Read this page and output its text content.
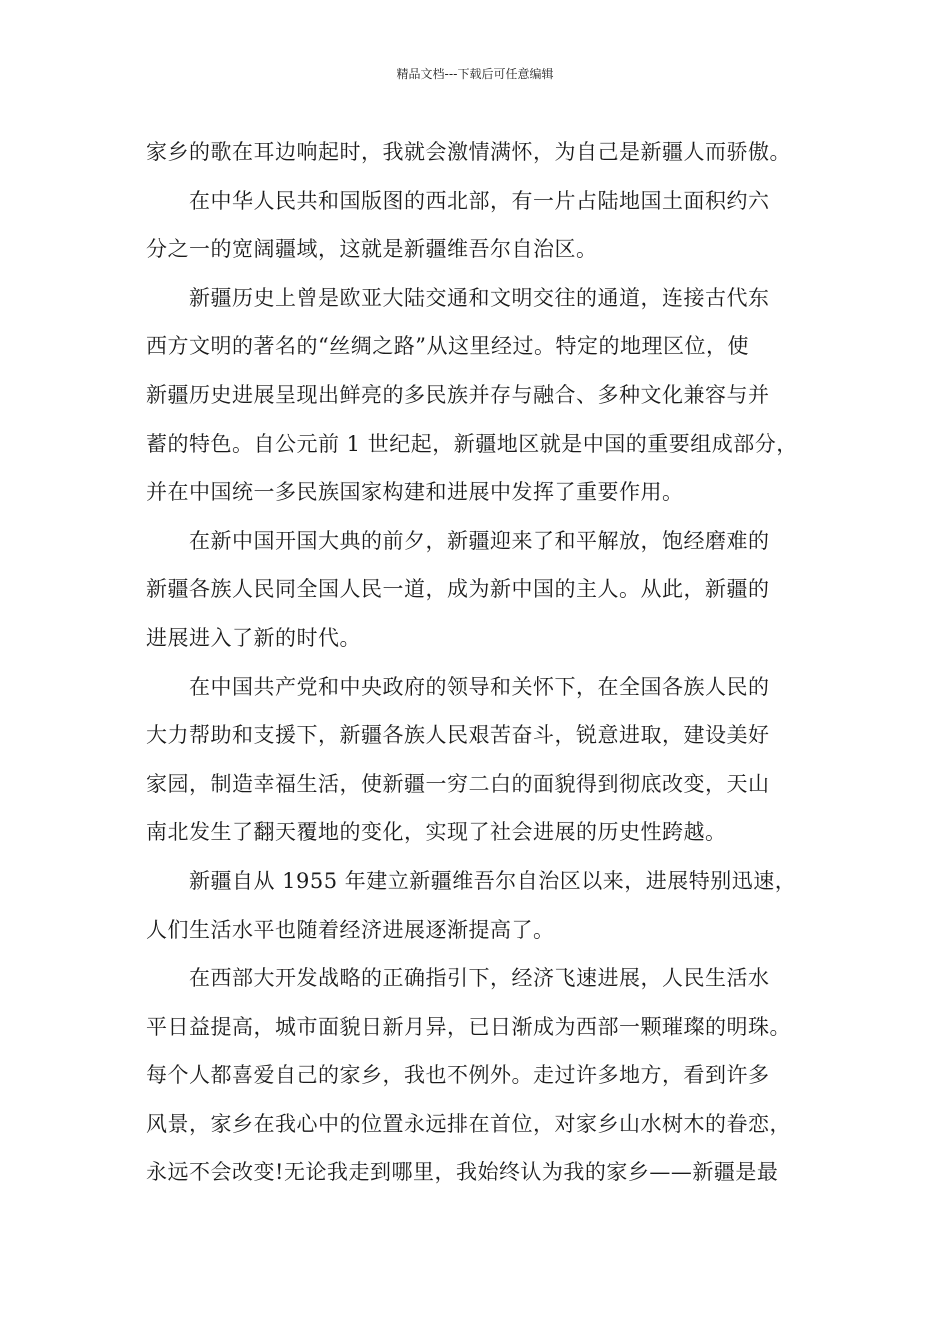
精品文档---下载后可任意编辑
家乡的歌在耳边响起时，我就会激情满怀，为自己是新疆人而骄傲。
在中华人民共和国版图的西北部，有一片占陆地国土面积约六
分之一的宽阔疆域，这就是新疆维吾尔自治区。
新疆历史上曾是欧亚大陆交通和文明交往的通道，连接古代东
西方文明的著名的“丝绸之路”从这里经过。特定的地理区位，使
新疆历史进展呈现出鲜亮的多民族并存与融合、多种文化兼容与并
蓄的特色。自公元前 1 世纪起，新疆地区就是中国的重要组成部分，
并在中国统一多民族国家构建和进展中发挥了重要作用。
在新中国开国大典的前夕，新疆迎来了和平解放，饱经磨难的
新疆各族人民同全国人民一道，成为新中国的主人。从此，新疆的
进展进入了新的时代。
在中国共产党和中央政府的领导和关怀下，在全国各族人民的
大力帮助和支援下，新疆各族人民艰苦奋斗，锐意进取，建设美好
家园，制造幸福生活，使新疆一穷二白的面貌得到彻底改变，天山
南北发生了翻天覆地的变化，实现了社会进展的历史性跨越。
新疆自从 1955 年建立新疆维吾尔自治区以来，进展特别迅速，
人们生活水平也随着经济进展逐渐提高了。
在西部大开发战略的正确指引下，经济飞速进展，人民生活水
平日益提高，城市面貌日新月异，已日渐成为西部一颗璀璨的明珠。
每个人都喜爱自己的家乡，我也不例外。走过许多地方，看到许多
风景，家乡在我心中的位置永远排在首位，对家乡山水树木的眷恋，
永远不会改变!无论我走到哪里，我始终认为我的家乡——新疆是最
